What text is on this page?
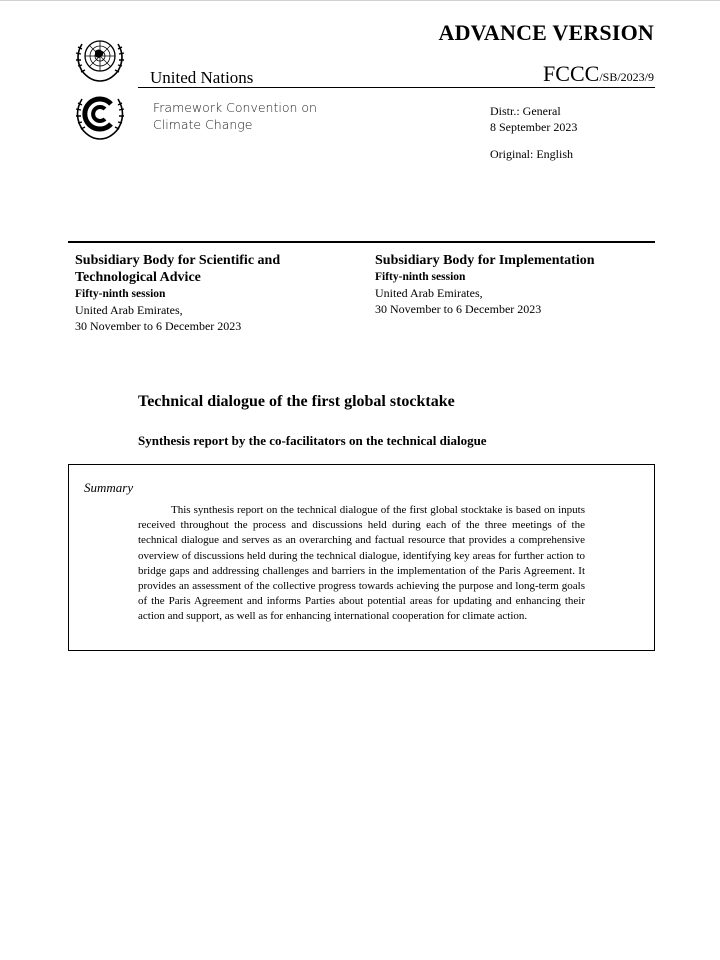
ADVANCE VERSION
United Nations	FCCC/SB/2023/9
Framework Convention on
Climate Change
Distr.: General
8 September 2023
Original: English
Subsidiary Body for Scientific and
Technological Advice
Fifty-ninth session
United Arab Emirates,
30 November to 6 December 2023
Subsidiary Body for Implementation
Fifty-ninth session
United Arab Emirates,
30 November to 6 December 2023
Technical dialogue of the first global stocktake
Synthesis report by the co-facilitators on the technical dialogue
Summary
This synthesis report on the technical dialogue of the first global stocktake is based on inputs received throughout the process and discussions held during each of the three meetings of the technical dialogue and serves as an overarching and factual resource that provides a comprehensive overview of discussions held during the technical dialogue, identifying key areas for further action to bridge gaps and addressing challenges and barriers in the implementation of the Paris Agreement. It provides an assessment of the collective progress towards achieving the purpose and long-term goals of the Paris Agreement and informs Parties about potential areas for updating and enhancing their action and support, as well as for enhancing international cooperation for climate action.
